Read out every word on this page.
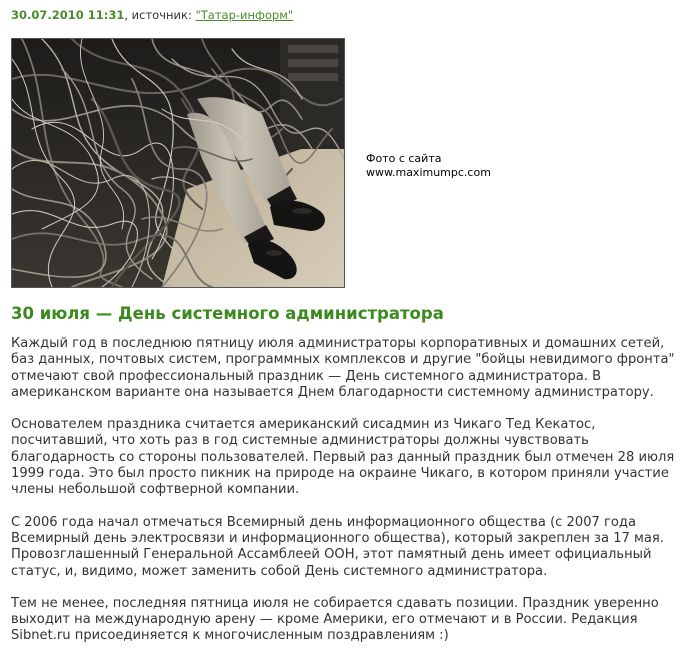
30.07.2010 11:31, источник: "Татар-информ"
Фото с сайта
www.maximumpc.com
30 июля — День системного администратора

Каждый год в последнюю пятницу июля администраторы корпоративных и домашних сетей, баз данных, почтовых систем, программных комплексов и другие "бойцы невидимого фронта" отмечают свой профессиональный праздник — День системного администратора. В американском варианте она называется Днем благодарности системному администратору.

Основателем праздника считается американский сисадмин из Чикаго Тед Кекатос, посчитавший, что хоть раз в год системные администраторы должны чувствовать благодарность со стороны пользователей. Первый раз данный праздник был отмечен 28 июля 1999 года. Это был просто пикник на природе на окраине Чикаго, в котором приняли участие члены небольшой софтверной компании.

С 2006 года начал отмечаться Всемирный день информационного общества (с 2007 года Всемирный день электросвязи и информационного общества), который закреплен за 17 мая. Провозглашенный Генеральной Ассамблеей ООН, этот памятный день имеет официальный статус, и, видимо, может заменить собой День системного администратора.

Тем не менее, последняя пятница июля не собирается сдавать позиции. Праздник уверенно выходит на международную арену — кроме Америки, его отмечают и в России. Редакция Sibnet.ru присоединяется к многочисленным поздравлениям :)
